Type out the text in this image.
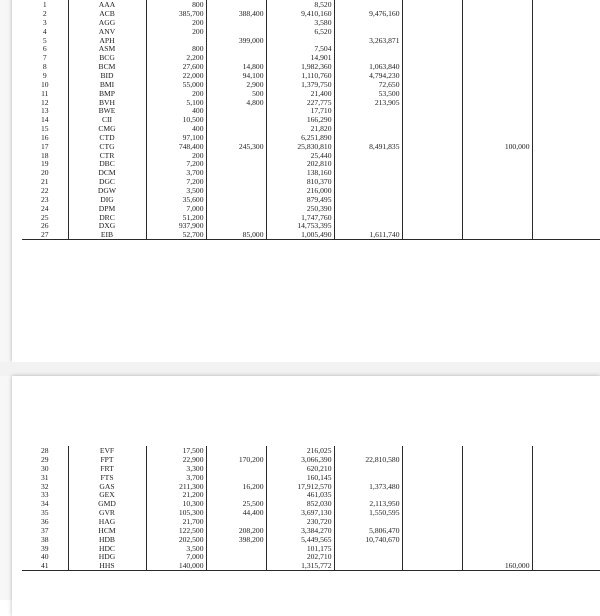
1	AAA	800		8,520				
2	ACB	385,700	388,400	9,410,160	9,476,160			
3	AGG	200		3,580				
4	ANV	200		6,520				
5	APH		399,000		3,263,871			
6	ASM	800		7,504				
7	BCG	2,200		14,901				
8	BCM	27,600	14,800	1,982,360	1,063,840			
9	BID	22,000	94,100	1,110,760	4,794,230			
10	BMI	55,000	2,900	1,379,750	72,650			
11	BMP	200	500	21,400	53,500			
12	BVH	5,100	4,800	227,775	213,905			
13	BWE	400		17,710				
14	CII	10,500		166,290				
15	CMG	400		21,820				
16	CTD	97,100		6,251,890				
17	CTG	748,400	245,300	25,830,810	8,491,835		100,000	
18	CTR	200		25,440				
19	DBC	7,200		202,810				
20	DCM	3,700		138,160				
21	DGC	7,200		810,370				
22	DGW	3,500		216,000				
23	DIG	35,600		879,495				
24	DPM	7,000		250,390				
25	DRC	51,200		1,747,760				
26	DXG	937,900		14,753,395				
27	EIB	52,700	85,000	1,005,490	1,611,740			
28	EVF	17,500		216,025				
29	FPT	22,900	170,200	3,066,390	22,810,580			
30	FRT	3,300		620,210				
31	FTS	3,700		160,145				
32	GAS	211,300	16,200	17,912,570	1,373,480			
33	GEX	21,200		461,035				
34	GMD	10,300	25,500	852,030	2,113,950			
35	GVR	105,300	44,400	3,697,130	1,550,595			
36	HAG	21,700		230,720				
37	HCM	122,500	208,200	3,384,270	5,806,470			
38	HDB	202,500	398,200	5,449,565	10,740,670			
39	HDC	3,500		101,175				
40	HDG	7,000		202,710				
41	HHS	140,000		1,315,772			160,000	
